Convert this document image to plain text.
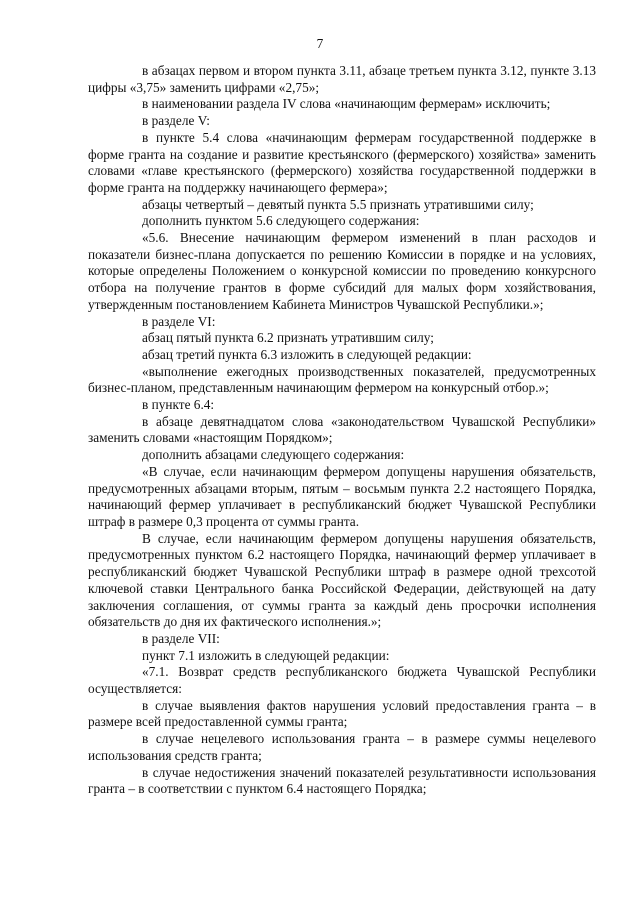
7

в абзацах первом и втором пункта 3.11, абзаце третьем пункта 3.12, пункте 3.13 цифры «3,75» заменить цифрами «2,75»;

в наименовании раздела IV слова «начинающим фермерам» исключить;

в разделе V:

в пункте 5.4 слова «начинающим фермерам государственной поддержке в форме гранта на создание и развитие крестьянского (фермерского) хозяйства» заменить словами «главе крестьянского (фермерского) хозяйства государственной поддержки в форме гранта на поддержку начинающего фермера»;

абзацы четвертый – девятый пункта 5.5 признать утратившими силу;

дополнить пунктом 5.6 следующего содержания:

«5.6. Внесение начинающим фермером изменений в план расходов и показатели бизнес-плана допускается по решению Комиссии в порядке и на условиях, которые определены Положением о конкурсной комиссии по проведению конкурсного отбора на получение грантов в форме субсидий для малых форм хозяйствования, утвержденным постановлением Кабинета Министров Чувашской Республики.»;

в разделе VI:

абзац пятый пункта 6.2 признать утратившим силу;

абзац третий пункта 6.3 изложить в следующей редакции:

«выполнение ежегодных производственных показателей, предусмотренных бизнес-планом, представленным начинающим фермером на конкурсный отбор.»;

в пункте 6.4:

в абзаце девятнадцатом слова «законодательством Чувашской Республики» заменить словами «настоящим Порядком»;

дополнить абзацами следующего содержания:

«В случае, если начинающим фермером допущены нарушения обязательств, предусмотренных абзацами вторым, пятым – восьмым пункта 2.2 настоящего Порядка, начинающий фермер уплачивает в республиканский бюджет Чувашской Республики штраф в размере 0,3 процента от суммы гранта.

В случае, если начинающим фермером допущены нарушения обязательств, предусмотренных пунктом 6.2 настоящего Порядка, начинающий фермер уплачивает в республиканский бюджет Чувашской Республики штраф в размере одной трехсотой ключевой ставки Центрального банка Российской Федерации, действующей на дату заключения соглашения, от суммы гранта за каждый день просрочки исполнения обязательств до дня их фактического исполнения.»;

в разделе VII:

пункт 7.1 изложить в следующей редакции:

«7.1. Возврат средств республиканского бюджета Чувашской Республики осуществляется:

в случае выявления фактов нарушения условий предоставления гранта – в размере всей предоставленной суммы гранта;

в случае нецелевого использования гранта – в размере суммы нецелевого использования средств гранта;

в случае недостижения значений показателей результативности использования гранта – в соответствии с пунктом 6.4 настоящего Порядка;
